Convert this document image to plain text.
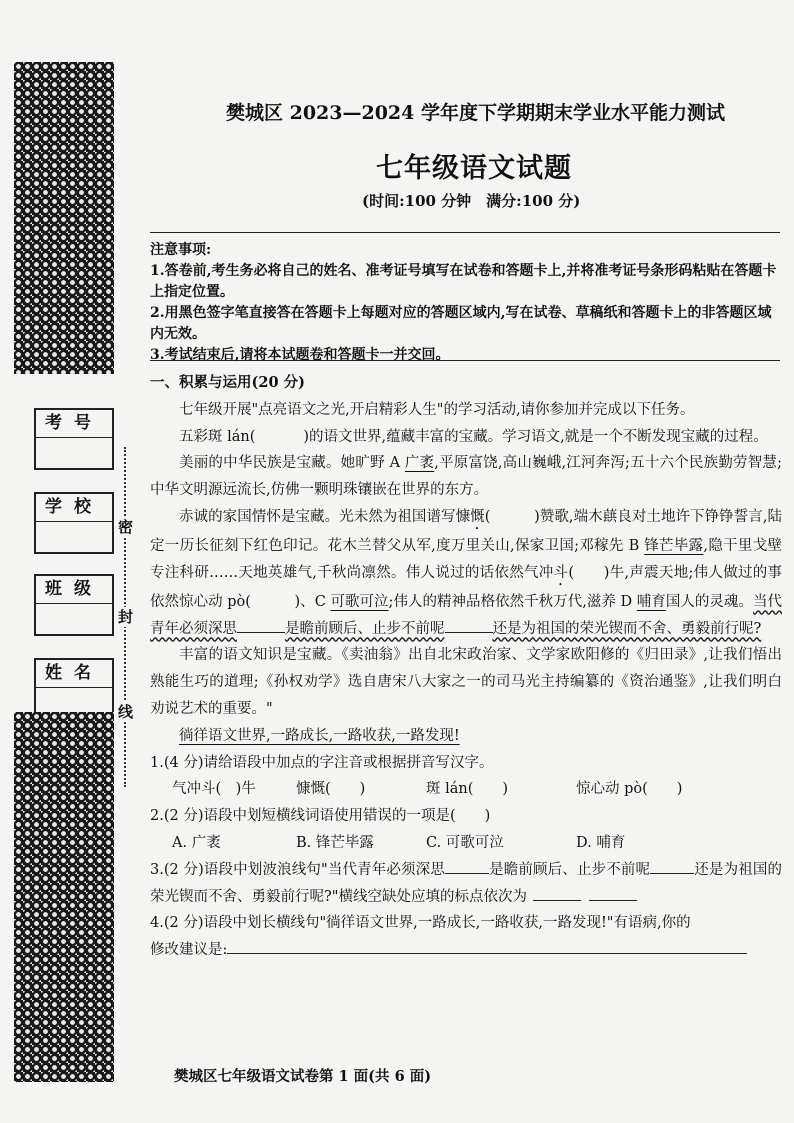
密
封
线
考号
学校
班级
姓名
樊城区 2023—2024 学年度下学期期末学业水平能力测试
七年级语文试题
(时间:100 分钟　满分:100 分)

注意事项:

1.答卷前,考生务必将自己的姓名、准考证号填写在试卷和答题卡上,并将准考证号条形码粘贴在答题卡上指定位置。

2.用黑色签字笔直接答在答题卡上每题对应的答题区域内,写在试卷、草稿纸和答题卡上的非答题区域内无效。

3.考试结束后,请将本试题卷和答题卡一并交回。

一、积累与运用(20 分)

七年级开展"点亮语文之光,开启精彩人生"的学习活动,请你参加并完成以下任务。

五彩斑 lán(	)的语文世界,蕴藏丰富的宝藏。学习语文,就是一个不断发现宝藏的过程。

美丽的中华民族是宝藏。她旷野 A 广袤,平原富饶,高山巍峨,江河奔泻;五十六个民族勤劳智慧;中华文明源远流长,仿佛一颗明珠镶嵌在世界的东方。

赤诚的家国情怀是宝藏。光未然为祖国谱写慷慨(　　　)赞歌,端木蕻良对土地许下铮铮誓言,陆定一历长征刻下红色印记。花木兰替父从军,度万里关山,保家卫国;邓稼先 B 锋芒毕露,隐干里戈壁专注科研……天地英雄气,千秋尚凛然。伟人说过的话依然气冲斗(　　)牛,声震天地;伟人做过的事依然惊心动 pò(　　　)、C 可歌可泣;伟人的精神品格依然千秋万代,滋养 D 哺育国人的灵魂。当代青年必须深思	是瞻前顾后、止步不前呢	还是为祖国的荣光锲而不舍、勇毅前行呢?

丰富的语文知识是宝藏。《卖油翁》出自北宋政治家、文学家欧阳修的《归田录》,让我们悟出熟能生巧的道理;《孙权劝学》选自唐宋八大家之一的司马光主持编纂的《资治通鉴》,让我们明白劝说艺术的重要。"

徜徉语文世界,一路成长,一路收获,一路发现!

1.(4 分)请给语段中加点的字注音或根据拼音写汉字。

气冲斗(　)牛	慷慨(　　)	斑 lán(　　)	惊心动 pò(　　)

2.(2 分)语段中划短横线词语使用错误的一项是(　　)

A. 广袤	B. 锋芒毕露	C. 可歌可泣	D. 哺育

3.(2 分)语段中划波浪线句"当代青年必须深思	是瞻前顾后、止步不前呢	还是为祖国的荣光锲而不舍、勇毅前行呢?"横线空缺处应填的标点依次为

4.(2 分)语段中划长横线句"徜徉语文世界,一路成长,一路收获,一路发现!"有语病,你的

修改建议是:

樊城区七年级语文试卷第 1 面(共 6 面)
